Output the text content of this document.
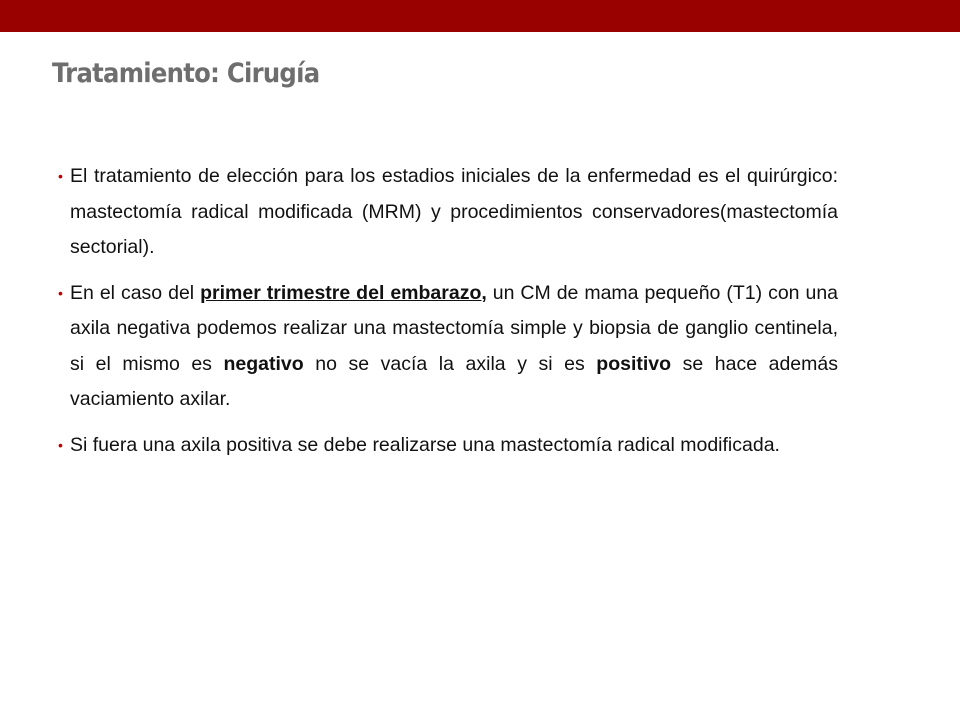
Tratamiento: Cirugía
• El tratamiento de elección para los estadios iniciales de la enfermedad es el quirúrgico: mastectomía radical modificada (MRM) y procedimientos conservadores(mastectomía sectorial).
• En el caso del primer trimestre del embarazo, un CM de mama pequeño (T1) con una axila negativa podemos realizar una mastectomía simple y biopsia de ganglio centinela, si el mismo es negativo no se vacía la axila y si es positivo se hace además vaciamiento axilar.
• Si fuera una axila positiva se debe realizarse una mastectomía radical modificada.
